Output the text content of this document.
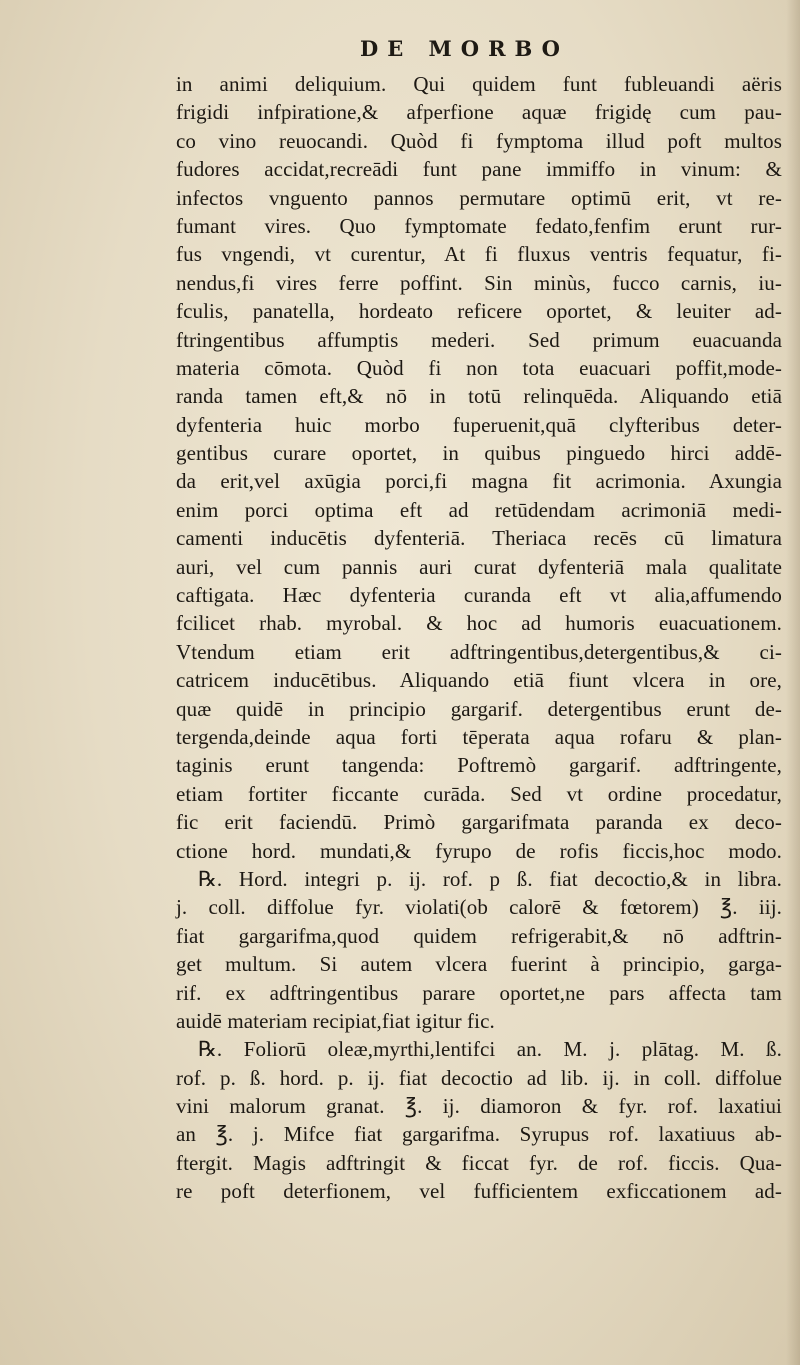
DE MORBO
in animi deliquium. Qui quidem funt fubleuandi aëris
frigidi infpiratione,& afperfione aquæ frigidę cum pau-
co vino reuocandi. Quòd fi fymptoma illud poft multos
fudores accidat,recreādi funt pane immiffo in vinum: &
infectos vnguento pannos permutare optimū erit, vt re-
fumant vires. Quo fymptomate fedato,fenfim erunt rur-
fus vngendi, vt curentur, At fi fluxus ventris fequatur, fi-
nendus,fi vires ferre poffint. Sin minùs, fucco carnis, iu-
fculis, panatella, hordeato reficere oportet, & leuiter ad-
ftringentibus affumptis mederi. Sed primum euacuanda
materia cōmota. Quòd fi non tota euacuari poffit,mode-
randa tamen eft,& nō in totū relinquēda. Aliquando etiā
dyfenteria huic morbo fuperuenit,quā clyfteribus deter-
gentibus curare oportet, in quibus pinguedo hirci addē-
da erit,vel axūgia porci,fi magna fit acrimonia. Axungia
enim porci optima eft ad retūdendam acrimoniā medi-
camenti inducētis dyfenteriā. Theriaca recēs cū limatura
auri, vel cum pannis auri curat dyfenteriā mala qualitate
caftigata. Hæc dyfenteria curanda eft vt alia,affumendo
fcilicet rhab. myrobal. & hoc ad humoris euacuationem.
Vtendum etiam erit adftringentibus,detergentibus,& ci-
catricem inducētibus. Aliquando etiā fiunt vlcera in ore,
quæ quidē in principio gargarif. detergentibus erunt de-
tergenda,deinde aqua forti tēperata aqua rofaru & plan-
taginis erunt tangenda: Poftremò gargarif. adftringente,
etiam fortiter ficcante curāda. Sed vt ordine procedatur,
fic erit faciendū. Primò gargarifmata paranda ex deco-
ctione hord. mundati,& fyrupo de rofis ficcis,hoc modo.
℞. Hord. integri p. ij. rof. p ß. fiat decoctio,& in libra.
j. coll. diffolue fyr. violati(ob calorē & fœtorem) ℥. iij.
fiat gargarifma,quod quidem refrigerabit,& nō adftrin-
get multum. Si autem vlcera fuerint à principio, garga-
rif. ex adftringentibus parare oportet,ne pars affecta tam
auidē materiam recipiat,fiat igitur fic.
℞. Foliorū oleæ,myrthi,lentifci an. M. j. plātag. M. ß.
rof. p. ß. hord. p. ij. fiat decoctio ad lib. ij. in coll. diffolue
vini malorum granat. ℥. ij. diamoron & fyr. rof. laxatiui
an ℥. j. Mifce fiat gargarifma. Syrupus rof. laxatiuus ab-
ftergit. Magis adftringit & ficcat fyr. de rof. ficcis. Qua-
re poft deterfionem, vel fufficientem exficcationem ad-
